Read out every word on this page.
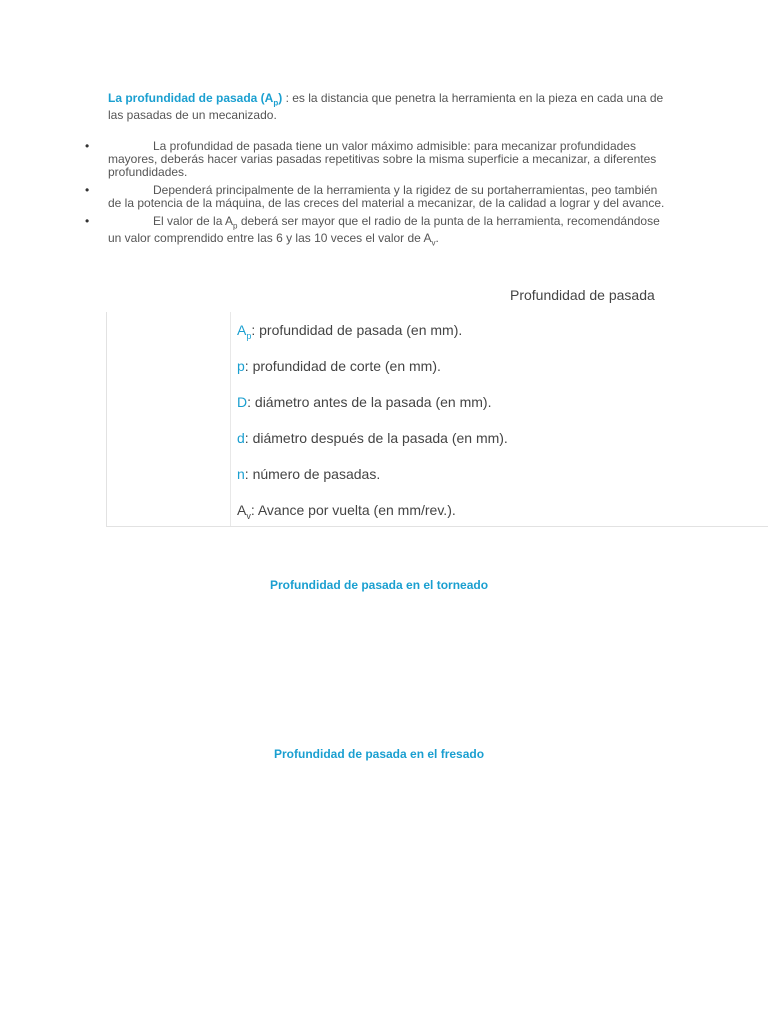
La profundidad de pasada $(A_p)$ : es la distancia que penetra la herramienta en la pieza en cada una de las pasadas de un mecanizado.
•	La profundidad de pasada tiene un valor máximo admisible: para mecanizar profundidades mayores, deberás hacer varias pasadas repetitivas sobre la misma superficie a mecanizar, a diferentes profundidades.
•	Dependerá principalmente de la herramienta y la rigidez de su portaherramientas, peo también de la potencia de la máquina, de las creces del material a mecanizar, de la calidad a lograr y del avance.
•	El valor de la $A_p$ deberá ser mayor que el radio de la punta de la herramienta, recomendándose un valor comprendido entre las 6 y las 10 veces el valor de $A_v$.
Profundidad de pasada
$A_p$: profundidad de pasada (en mm).
p: profundidad de corte (en mm).
D: diámetro antes de la pasada (en mm).
d: diámetro después de la pasada (en mm).
n: número de pasadas.
$A_v$: Avance por vuelta (en mm/rev.).
Profundidad de pasada en el torneado
Profundidad de pasada en el fresado
